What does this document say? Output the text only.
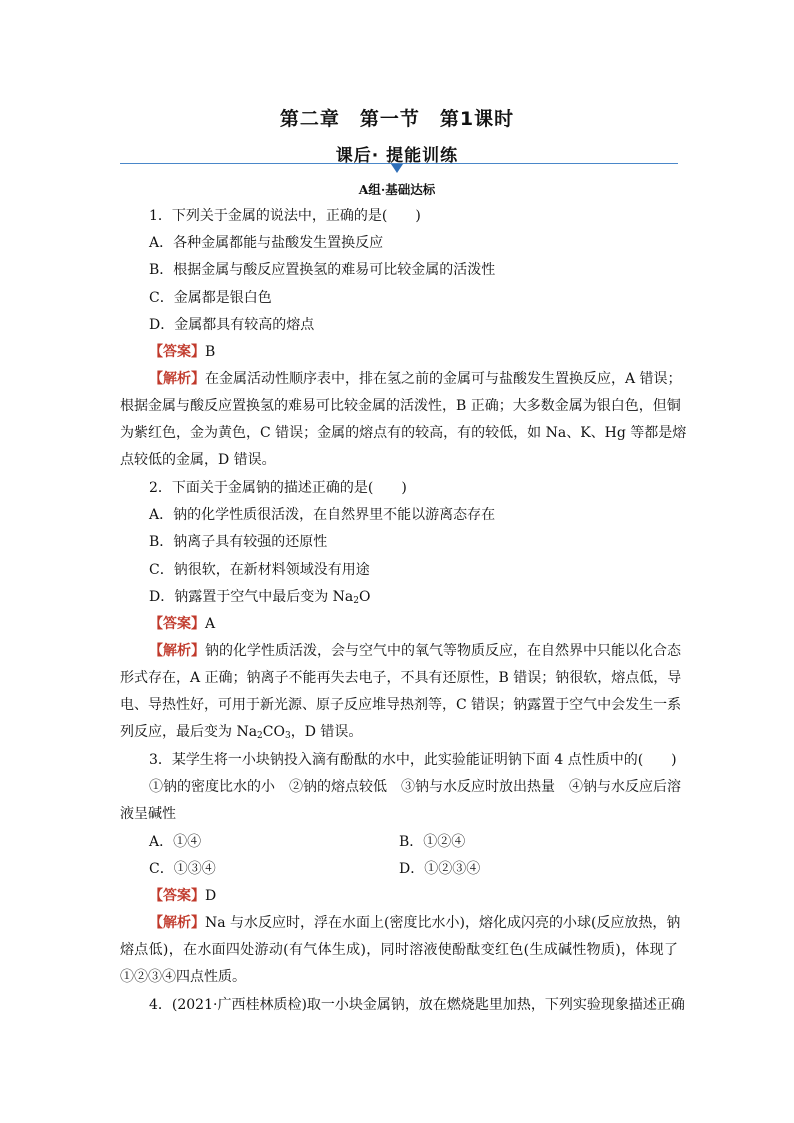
第二章　第一节　第1课时
课后· 提能训练
A组·基础达标
1．下列关于金属的说法中，正确的是(　　)
A．各种金属都能与盐酸发生置换反应
B．根据金属与酸反应置换氢的难易可比较金属的活泼性
C．金属都是银白色
D．金属都具有较高的熔点
【 答案 】 B
【 解析 】 在金属活动性顺序表中，排在氢之前的金属可与盐酸发生置换反应，A 错误；
根据金属与酸反应置换氢的难易可比较金属的活泼性，B 正确；大多数金属为银白色，但铜
为紫红色，金为黄色，C 错误；金属的熔点有的较高，有的较低，如 Na、K、Hg 等都是熔
点较低的金属，D 错误。
2．下面关于金属钠的描述正确的是(　　)
A．钠的化学性质很活泼，在自然界里不能以游离态存在
B．钠离子具有较强的还原性
C．钠很软，在新材料领域没有用途
D．钠露置于空气中最后变为 $Na_2O$
【 答案 】 A
【 解析 】 钠的化学性质活泼，会与空气中的氧气等物质反应，在自然界中只能以化合态
形式存在，A 正确；钠离子不能再失去电子，不具有还原性，B 错误；钠很软，熔点低，导
电、导热性好，可用于新光源、原子反应堆导热剂等，C 错误；钠露置于空气中会发生一系
列反应，最后变为 $Na_2CO_3$，D 错误。
3．某学生将一小块钠投入滴有酚酞的水中，此实验能证明钠下面 4 点性质中的(　　)
①钠的密度比水的小　②钠的熔点较低　③钠与水反应时放出热量　④钠与水反应后溶
液呈碱性
A．①④	B．①②④
C．①③④	D．①②③④
【 答案 】 D
【 解析 】 Na 与水反应时，浮在水面上(密度比水小)，熔化成闪亮的小球(反应放热，钠
熔点低)，在水面四处游动(有气体生成)，同时溶液使酚酞变红色(生成碱性物质)，体现了
①②③④四点性质。
4．(2021·广西桂林质检)取一小块金属钠，放在燃烧匙里加热，下列实验现象描述正确
